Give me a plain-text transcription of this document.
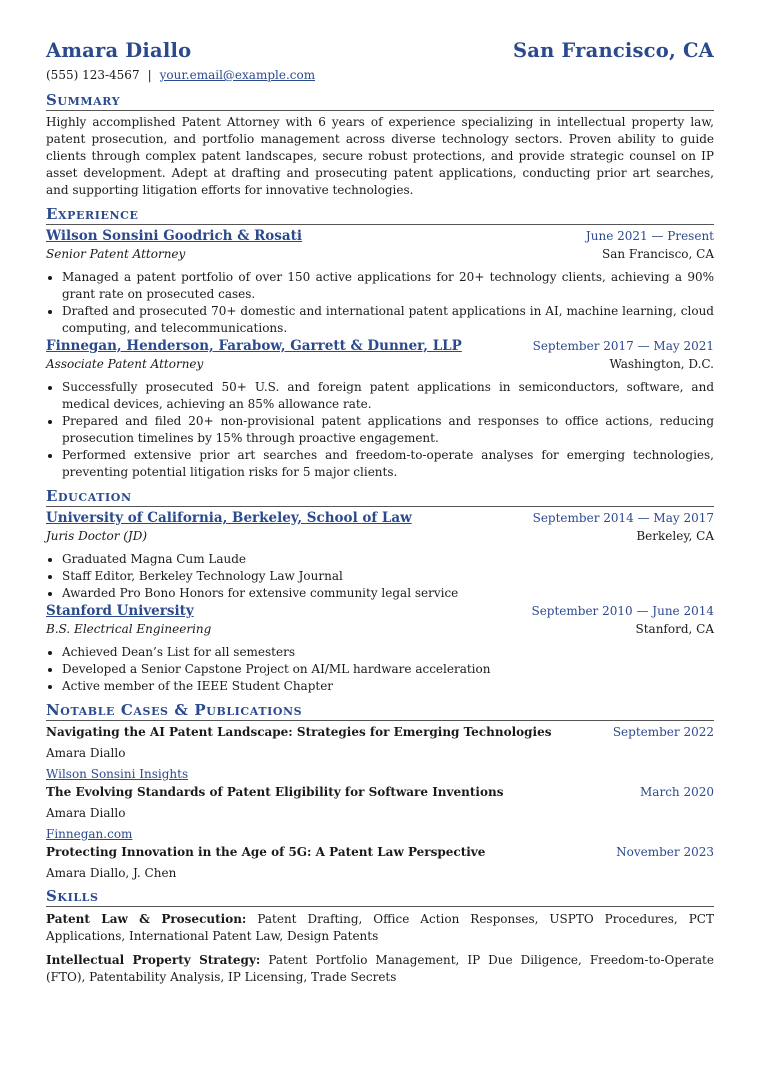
Amara Diallo	San Francisco, CA
(555) 123-4567 | your.email@example.com
Summary
Highly accomplished Patent Attorney with 6 years of experience specializing in intellectual property law, patent prosecution, and portfolio management across diverse technology sectors. Proven ability to guide clients through complex patent landscapes, secure robust protections, and provide strategic counsel on IP asset development. Adept at drafting and prosecuting patent applications, conducting prior art searches, and supporting litigation efforts for innovative technologies.
Experience
Wilson Sonsini Goodrich & Rosati	June 2021 — Present
Senior Patent Attorney	San Francisco, CA
• Managed a patent portfolio of over 150 active applications for 20+ technology clients, achieving a 90% grant rate on prosecuted cases.
• Drafted and prosecuted 70+ domestic and international patent applications in AI, machine learning, cloud computing, and telecommunications.
Finnegan, Henderson, Farabow, Garrett & Dunner, LLP	September 2017 — May 2021
Associate Patent Attorney	Washington, D.C.
• Successfully prosecuted 50+ U.S. and foreign patent applications in semiconductors, software, and medical devices, achieving an 85% allowance rate.
• Prepared and filed 20+ non-provisional patent applications and responses to office actions, reducing prosecution timelines by 15% through proactive engagement.
• Performed extensive prior art searches and freedom-to-operate analyses for emerging technologies, preventing potential litigation risks for 5 major clients.
Education
University of California, Berkeley, School of Law	September 2014 — May 2017
Juris Doctor (JD)	Berkeley, CA
• Graduated Magna Cum Laude
• Staff Editor, Berkeley Technology Law Journal
• Awarded Pro Bono Honors for extensive community legal service
Stanford University	September 2010 — June 2014
B.S. Electrical Engineering	Stanford, CA
• Achieved Dean’s List for all semesters
• Developed a Senior Capstone Project on AI/ML hardware acceleration
• Active member of the IEEE Student Chapter
Notable Cases & Publications
Navigating the AI Patent Landscape: Strategies for Emerging Technologies	September 2022
Amara Diallo
Wilson Sonsini Insights
The Evolving Standards of Patent Eligibility for Software Inventions	March 2020
Amara Diallo
Finnegan.com
Protecting Innovation in the Age of 5G: A Patent Law Perspective	November 2023
Amara Diallo, J. Chen
Skills
Patent Law & Prosecution: Patent Drafting, Office Action Responses, USPTO Procedures, PCT Applications, International Patent Law, Design Patents
Intellectual Property Strategy: Patent Portfolio Management, IP Due Diligence, Freedom-to-Operate (FTO), Patentability Analysis, IP Licensing, Trade Secrets
